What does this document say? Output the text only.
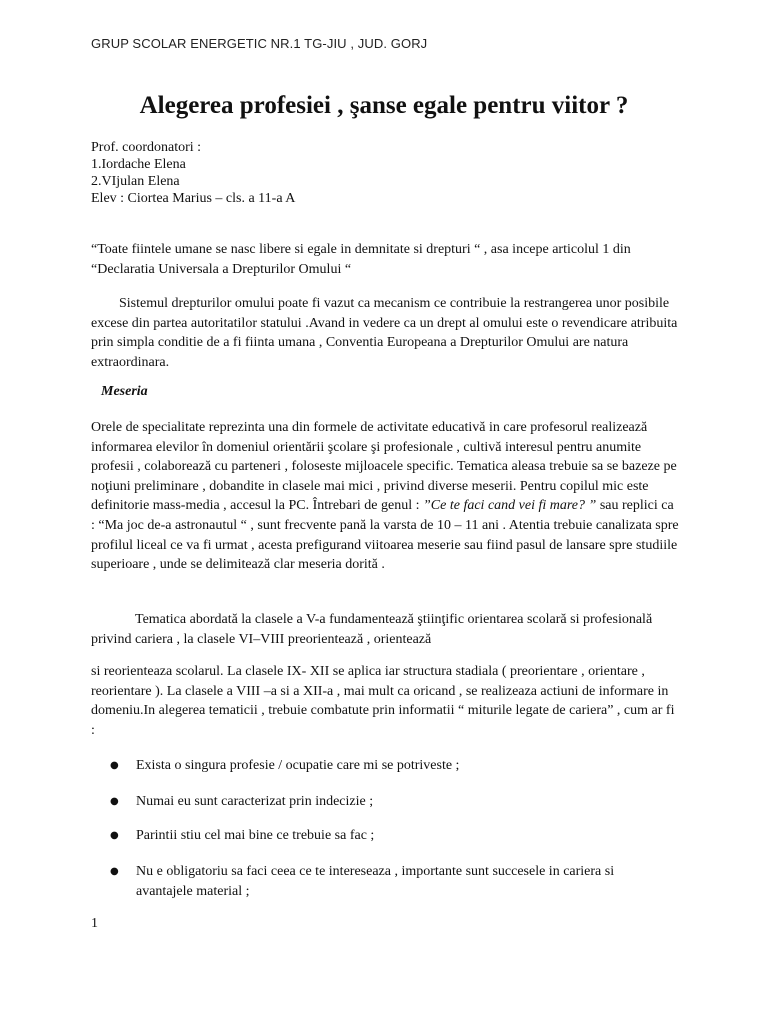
GRUP SCOLAR ENERGETIC NR.1 TG-JIU , JUD. GORJ
Alegerea profesiei , şanse egale pentru viitor ?

Prof. coordonatori :

1.Iordache Elena

2.VIjulan Elena

Elev : Ciortea Marius – cls. a 11-a A

“Toate fiintele umane se nasc libere si egale in demnitate si drepturi “ , asa incepe articolul 1 din “Declaratia Universala a Drepturilor Omului “

Sistemul drepturilor omului poate fi vazut ca mecanism ce contribuie la restrangerea unor posibile excese din partea autoritatilor statului .Avand in vedere ca un drept al omului este o revendicare atribuita prin simpla conditie de a fi fiinta umana , Conventia Europeana a Drepturilor Omului are natura extraordinara.

Meseria

Orele de specialitate reprezinta una din formele de activitate educativă in care profesorul realizează informarea elevilor în domeniul orientării şcolare şi profesionale , cultivă interesul pentru anumite profesii , colaborează cu parteneri , foloseste mijloacele specific. Tematica aleasa trebuie sa se bazeze pe noţiuni preliminare , dobandite in clasele mai mici , privind diverse meserii. Pentru copilul mic este definitorie mass-media , accesul la PC. Întrebari de genul : ”Ce te faci cand vei fi mare? ” sau replici ca : “Ma joc de-a astronautul “ , sunt frecvente pană la varsta de 10 – 11 ani . Atentia trebuie canalizata spre profilul liceal ce va fi urmat , acesta prefigurand viitoarea meserie sau fiind pasul de lansare spre studiile superioare , unde se delimitează clar meseria dorită .

Tematica abordată la clasele a V-a fundamentează ştiinţific orientarea scolară si profesională privind cariera , la clasele VI–VIII preorientează , orientează

si reorienteaza scolarul. La clasele IX- XII se aplica iar structura stadiala ( preorientare , orientare , reorientare ). La clasele a VIII –a si a XII-a , mai mult ca oricand , se realizeaza actiuni de informare in domeniu.In alegerea tematicii , trebuie combatute prin informatii “ miturile legate de cariera” , cum ar fi :

● Exista o singura profesie / ocupatie care mi se potriveste ;
● Numai eu sunt caracterizat prin indecizie ;
● Parintii stiu cel mai bine ce trebuie sa fac ;
● Nu e obligatoriu sa faci ceea ce te intereseaza , importante sunt succesele in cariera si avantajele material ;
1
